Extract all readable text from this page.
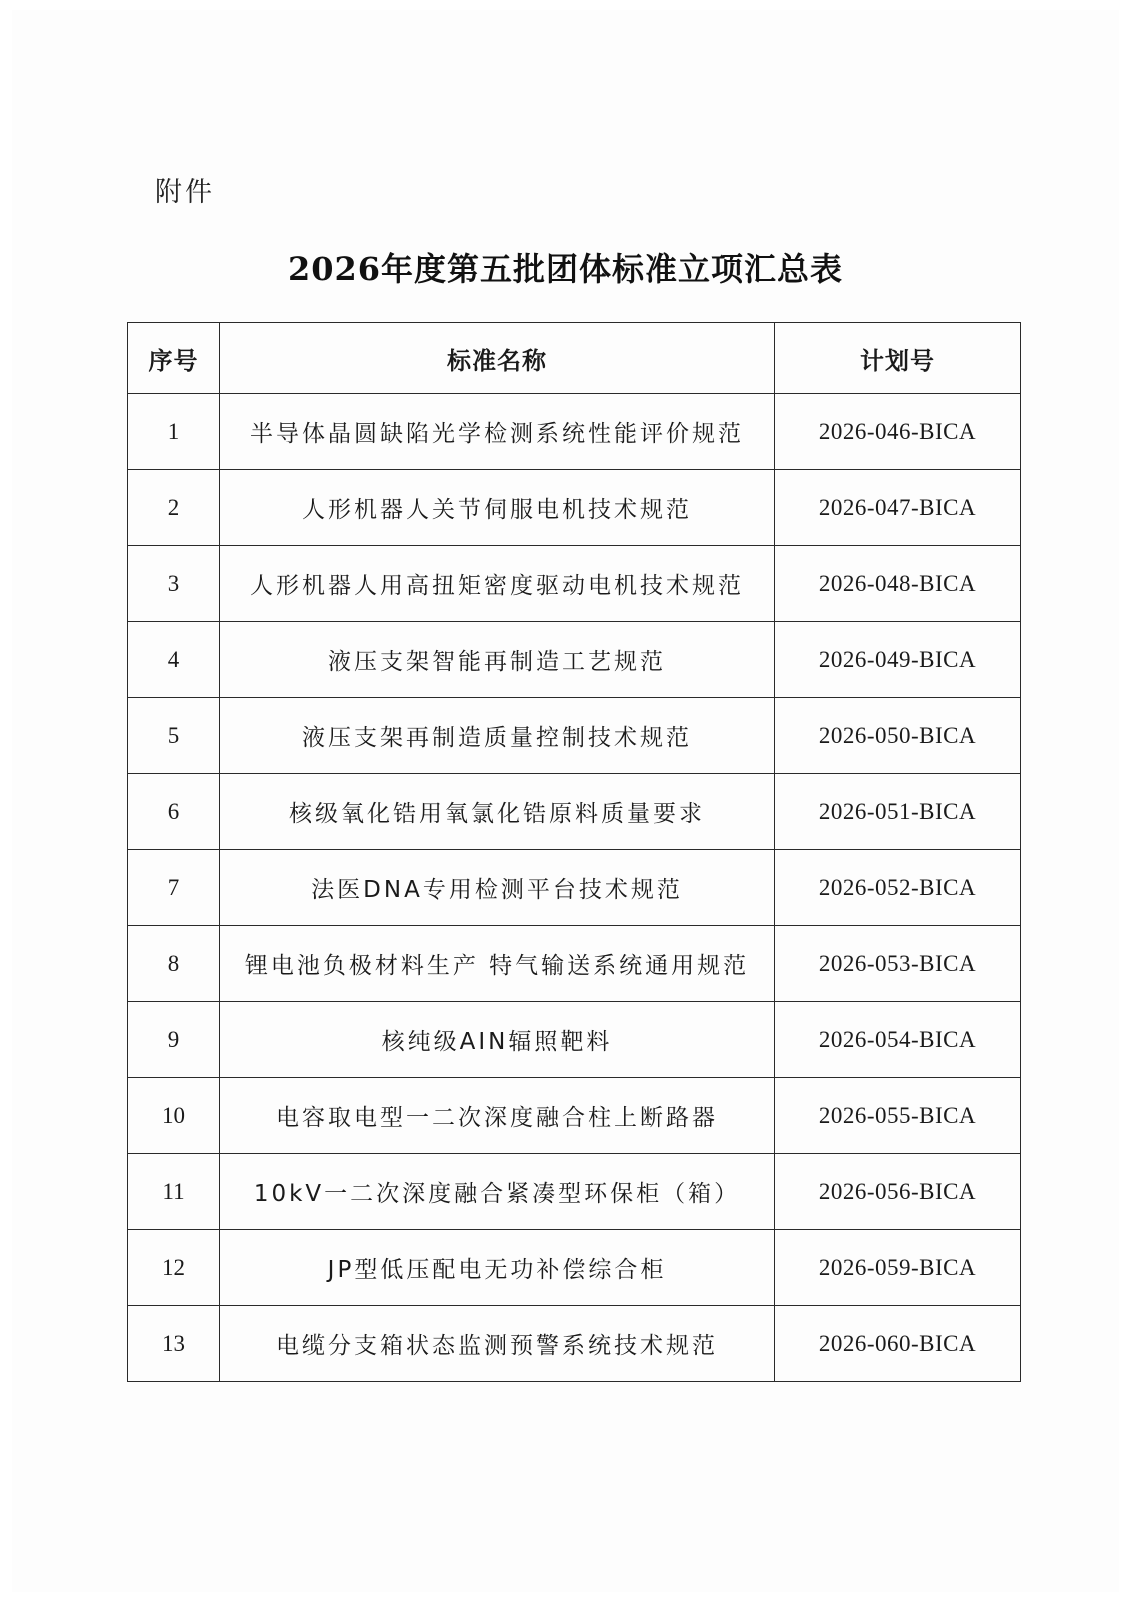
附件
2026年度第五批团体标准立项汇总表
序号	标准名称	计划号
1	半导体晶圆缺陷光学检测系统性能评价规范	2026-046-BICA
2	人形机器人关节伺服电机技术规范	2026-047-BICA
3	人形机器人用高扭矩密度驱动电机技术规范	2026-048-BICA
4	液压支架智能再制造工艺规范	2026-049-BICA
5	液压支架再制造质量控制技术规范	2026-050-BICA
6	核级氧化锆用氧氯化锆原料质量要求	2026-051-BICA
7	法医DNA专用检测平台技术规范	2026-052-BICA
8	锂电池负极材料生产 特气输送系统通用规范	2026-053-BICA
9	核纯级AIN辐照靶料	2026-054-BICA
10	电容取电型一二次深度融合柱上断路器	2026-055-BICA
11	10kV一二次深度融合紧凑型环保柜（箱）	2026-056-BICA
12	JP型低压配电无功补偿综合柜	2026-059-BICA
13	电缆分支箱状态监测预警系统技术规范	2026-060-BICA
